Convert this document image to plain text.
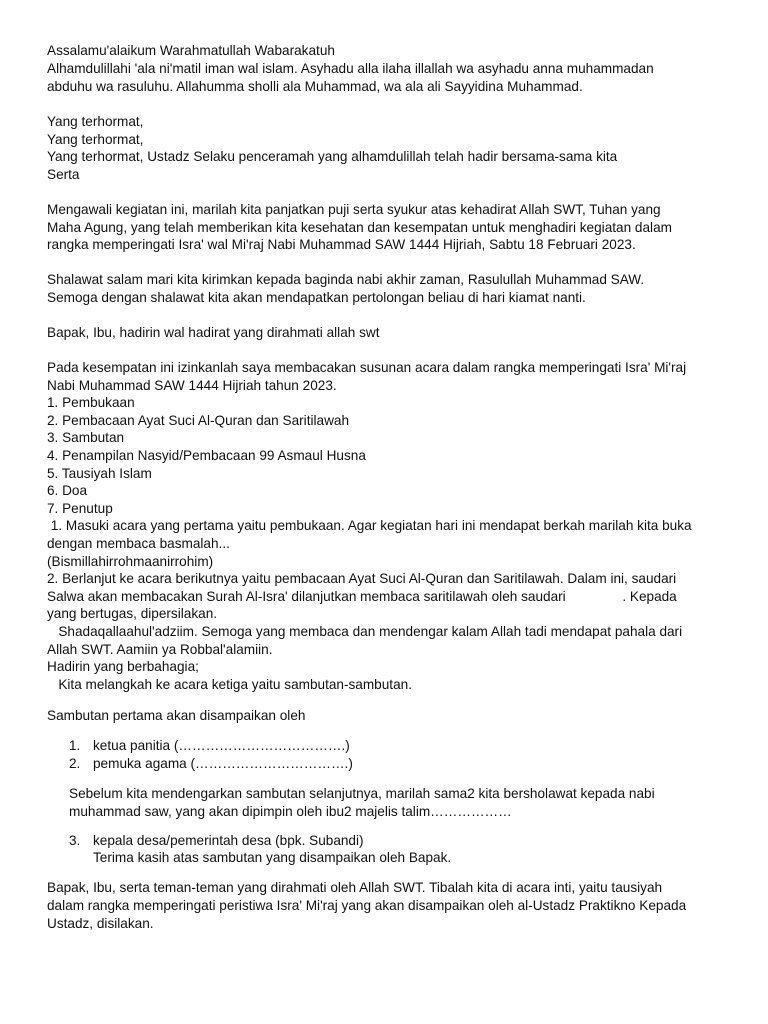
Assalamu'alaikum Warahmatullah Wabarakatuh
Alhamdulillahi 'ala ni'matil iman wal islam. Asyhadu alla ilaha illallah wa asyhadu anna muhammadan
abduhu wa rasuluhu. Allahumma sholli ala Muhammad, wa ala ali Sayyidina Muhammad.
Yang terhormat,
Yang terhormat,
Yang terhormat, Ustadz Selaku penceramah yang alhamdulillah telah hadir bersama-sama kita
Serta
Mengawali kegiatan ini, marilah kita panjatkan puji serta syukur atas kehadirat Allah SWT, Tuhan yang
Maha Agung, yang telah memberikan kita kesehatan dan kesempatan untuk menghadiri kegiatan dalam
rangka memperingati Isra' wal Mi'raj Nabi Muhammad SAW 1444 Hijriah, Sabtu 18 Februari 2023.
Shalawat salam mari kita kirimkan kepada baginda nabi akhir zaman, Rasulullah Muhammad SAW.
Semoga dengan shalawat kita akan mendapatkan pertolongan beliau di hari kiamat nanti.
Bapak, Ibu, hadirin wal hadirat yang dirahmati allah swt
Pada kesempatan ini izinkanlah saya membacakan susunan acara dalam rangka memperingati Isra' Mi'raj
Nabi Muhammad SAW 1444 Hijriah tahun 2023.
1. Pembukaan
2. Pembacaan Ayat Suci Al-Quran dan Saritilawah
3. Sambutan
4. Penampilan Nasyid/Pembacaan 99 Asmaul Husna
5. Tausiyah Islam
6. Doa
7. Penutup
1. Masuki acara yang pertama yaitu pembukaan. Agar kegiatan hari ini mendapat berkah marilah kita buka
dengan membaca basmalah...
(Bismillahirrohmaanirrohim)
2. Berlanjut ke acara berikutnya yaitu pembacaan Ayat Suci Al-Quran dan Saritilawah. Dalam ini, saudari
Salwa akan membacakan Surah Al-Isra' dilanjutkan membaca saritilawah oleh saudari               . Kepada
yang bertugas, dipersilakan.
Shadaqallaahul'adziim. Semoga yang membaca dan mendengar kalam Allah tadi mendapat pahala dari
Allah SWT. Aamiin ya Robbal'alamiin.
Hadirin yang berbahagia;
Kita melangkah ke acara ketiga yaitu sambutan-sambutan.
Sambutan pertama akan disampaikan oleh
1. ketua panitia (……………………………….)
2. pemuka agama (…………………………….)
Sebelum kita mendengarkan sambutan selanjutnya, marilah sama2 kita bersholawat kepada nabi
muhammad saw, yang akan dipimpin oleh ibu2 majelis talim………………
3. kepala desa/pemerintah desa (bpk. Subandi)
Terima kasih atas sambutan yang disampaikan oleh Bapak.
Bapak, Ibu, serta teman-teman yang dirahmati oleh Allah SWT. Tibalah kita di acara inti, yaitu tausiyah
dalam rangka memperingati peristiwa Isra' Mi'raj yang akan disampaikan oleh al-Ustadz Praktikno Kepada
Ustadz, disilakan.
